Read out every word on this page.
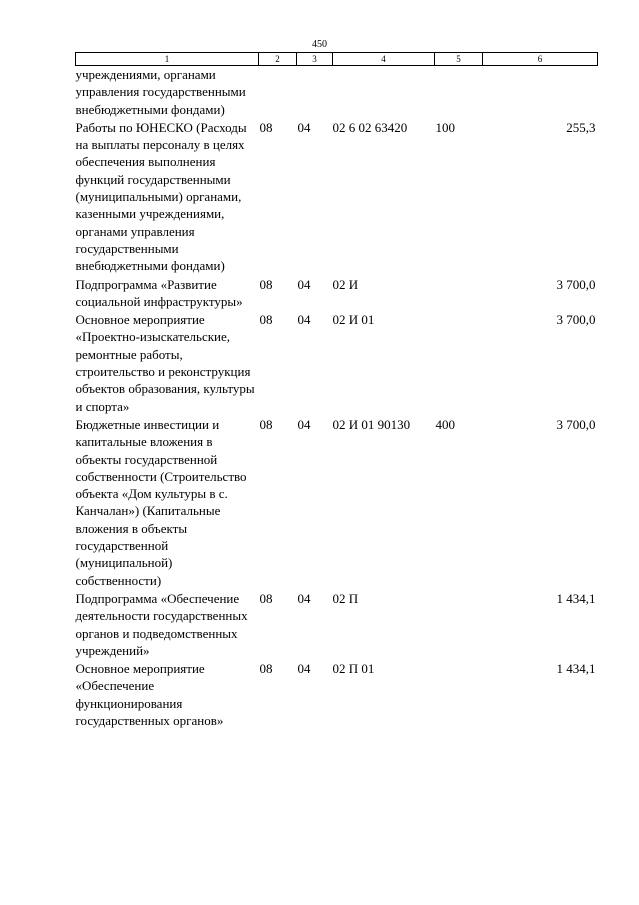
450
1	2	3	4	5	6
учреждениями, органами управления государственными внебюджетными фондами)					
Работы по ЮНЕСКО (Расходы на выплаты персоналу в целях обеспечения выполнения функций государственными (муниципальными) органами, казенными учреждениями, органами управления государственными внебюджетными фондами)	08	04	02 6 02 63420	100	255,3
Подпрограмма «Развитие социальной инфраструктуры»	08	04	02 И		3 700,0
Основное мероприятие «Проектно-изыскательские, ремонтные работы, строительство и реконструкция объектов образования, культуры и спорта»	08	04	02 И 01		3 700,0
Бюджетные инвестиции и капитальные вложения в объекты государственной собственности (Строительство объекта «Дом культуры в с. Канчалан») (Капитальные вложения в объекты государственной (муниципальной) собственности)	08	04	02 И 01 90130	400	3 700,0
Подпрограмма «Обеспечение деятельности государственных органов и подведомственных учреждений»	08	04	02 П		1 434,1
Основное мероприятие «Обеспечение функционирования государственных органов»	08	04	02 П 01		1 434,1
